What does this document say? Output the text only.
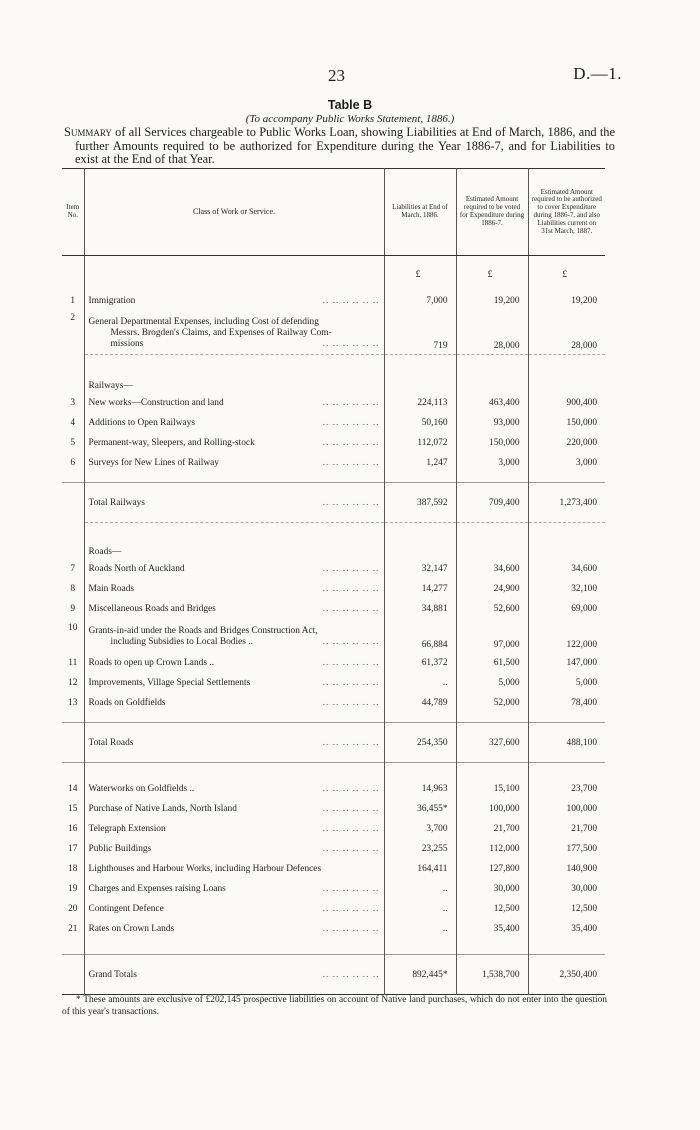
23	D.—1.
Table B
(To accompany Public Works Statement, 1886.)
Summary of all Services chargeable to Public Works Loan, showing Liabilities at End of March, 1886, and the further Amounts required to be authorized for Expenditure during the Year 1886-7, and for Liabilities to exist at the End of that Year.
Item No.	Class of Work or Service.	Liabilities at End of March, 1886.	Estimated Amount required to be voted for Expenditure during 1886-7.	Estimated Amount required to be authorized to cover Expenditure during 1886-7, and also Liabilities current on 31st March, 1887.
		£	£	£
1	Immigration .. .. .. .. .. ..	7,000	19,200	19,200
2	General Departmental Expenses, including Cost of defending
Messrs. Brogden's Claims, and Expenses of Railway Com-
missions .. .. .. .. .. ..	719	28,000	28,000
	Railways—			
3	New works—Construction and land .. .. .. .. .. ..	224,113	463,400	900,400
4	Additions to Open Railways .. .. .. .. .. ..	50,160	93,000	150,000
5	Permanent-way, Sleepers, and Rolling-stock .. .. .. .. .. ..	112,072	150,000	220,000
6	Surveys for New Lines of Railway .. .. .. .. .. ..	1,247	3,000	3,000

	Total Railways .. .. .. .. .. ..	387,592	709,400	1,273,400
	Roads—			
7	Roads North of Auckland .. .. .. .. .. ..	32,147	34,600	34,600
8	Main Roads .. .. .. .. .. ..	14,277	24,900	32,100
9	Miscellaneous Roads and Bridges .. .. .. .. .. ..	34,881	52,600	69,000
10	Grants-in-aid under the Roads and Bridges Construction Act,
including Subsidies to Local Bodies .. .. .. .. .. .. ..	66,884	97,000	122,000
11	Roads to open up Crown Lands .. .. .. .. .. .. ..	61,372	61,500	147,000
12	Improvements, Village Special Settlements .. .. .. .. .. ..	..	5,000	5,000
13	Roads on Goldfields .. .. .. .. .. ..	44,789	52,000	78,400

	Total Roads .. .. .. .. .. ..	254,350	327,600	488,100

14	Waterworks on Goldfields .. .. .. .. .. .. ..	14,963	15,100	23,700
15	Purchase of Native Lands, North Island .. .. .. .. .. ..	36,455*	100,000	100,000
16	Telegraph Extension .. .. .. .. .. ..	3,700	21,700	21,700
17	Public Buildings .. .. .. .. .. ..	23,255	112,000	177,500
18	Lighthouses and Harbour Works, including Harbour Defences	164,411	127,800	140,900
19	Charges and Expenses raising Loans .. .. .. .. .. ..	..	30,000	30,000
20	Contingent Defence .. .. .. .. .. ..	..	12,500	12,500
21	Rates on Crown Lands .. .. .. .. .. ..	..	35,400	35,400

	Grand Totals .. .. .. .. .. ..	892,445*	1,538,700	2,350,400
* These amounts are exclusive of £202,145 prospective liabilities on account of Native land purchases, which do not enter into the question of this year's transactions.
